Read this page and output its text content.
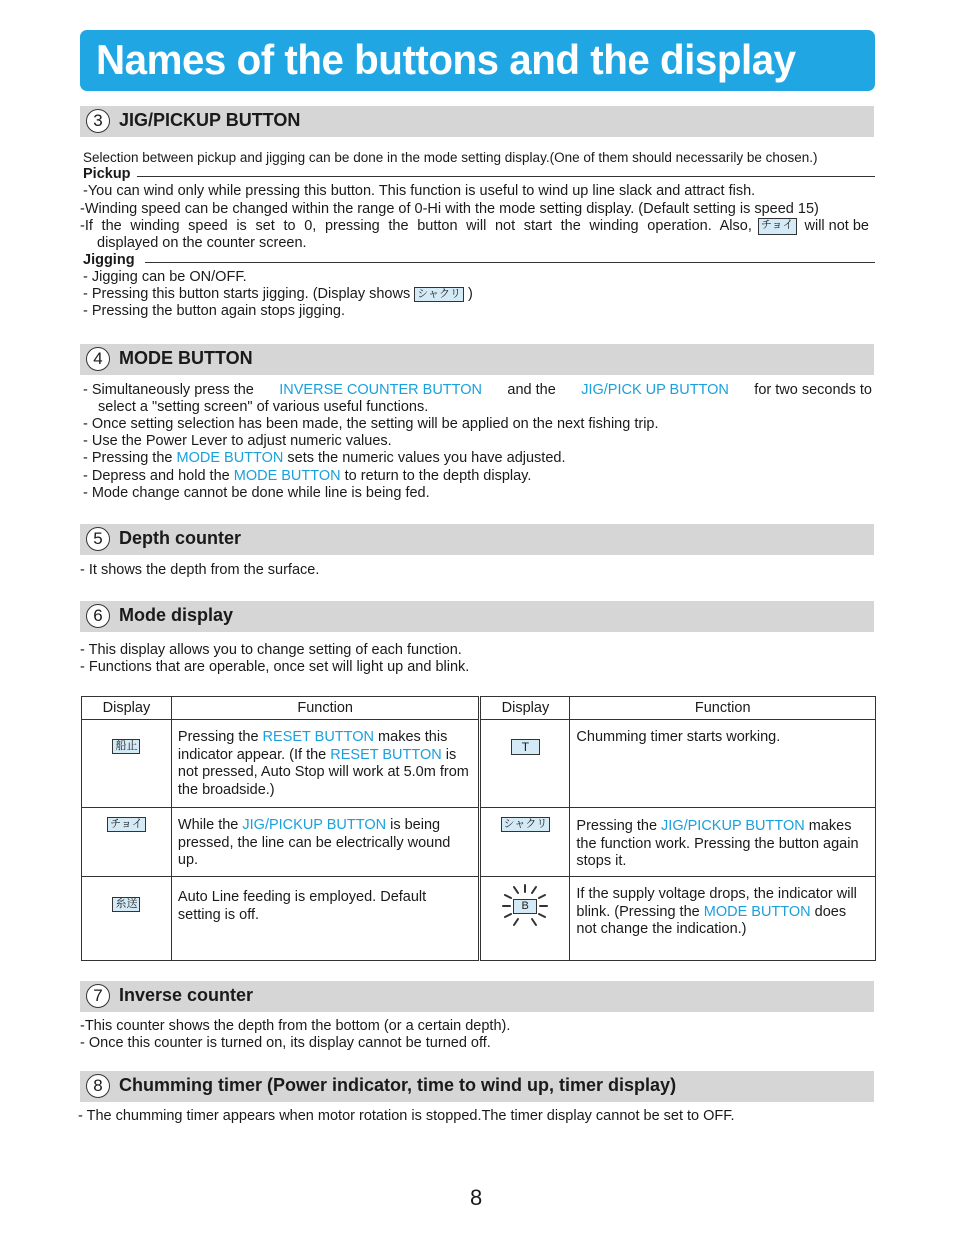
Names of the buttons and the display
3 JIG/PICKUP BUTTON
Selection between pickup and jigging can be done in the mode setting display.(One of them should necessarily be chosen.)
Pickup
-You can wind only while pressing this button. This function is useful to wind up line slack and attract fish.
-Winding speed can be changed within the range of 0-Hi with the mode setting display. (Default setting is speed 15)
-If the winding speed is set to 0, pressing the button will not start the winding operation. Also, チョイ will not be
displayed on the counter screen.
Jigging
- Jigging can be ON/OFF.
- Pressing this button starts jigging. (Display shows シャクリ )
- Pressing the button again stops jigging.
4 MODE BUTTON
- Simultaneously press the INVERSE COUNTER BUTTON and the JIG/PICK UP BUTTON for two seconds to
select a "setting screen" of various useful functions.
- Once setting selection has been made, the setting will be applied on the next fishing trip.
- Use the Power Lever to adjust numeric values.
- Pressing the MODE BUTTON sets the numeric values you have adjusted.
- Depress and hold the MODE BUTTON to return to the depth display.
- Mode change cannot be done while line is being fed.
5 Depth counter
- It shows the depth from the surface.
6 Mode display
- This display allows you to change setting of each function.
- Functions that are operable, once set will light up and blink.
Display	Function	Display	Function
船止	Pressing the RESET BUTTON makes this indicator appear. (If the RESET BUTTON is not pressed, Auto Stop will work at 5.0m from the broadside.)	T	Chumming timer starts working.
チョイ	While the JIG/PICKUP BUTTON is being pressed, the line can be electrically wound up.	シャクリ	Pressing the JIG/PICKUP BUTTON makes the function work. Pressing the button again stops it.
糸送	Auto Line feeding is employed. Default setting is off.	B	If the supply voltage drops, the indicator will blink. (Pressing the MODE BUTTON does not change the indication.)
7 Inverse counter
-This counter shows the depth from the bottom (or a certain depth).
- Once this counter is turned on, its display cannot be turned off.
8 Chumming timer (Power indicator, time to wind up, timer display)
- The chumming timer appears when motor rotation is stopped.The timer display cannot be set to OFF.
8
